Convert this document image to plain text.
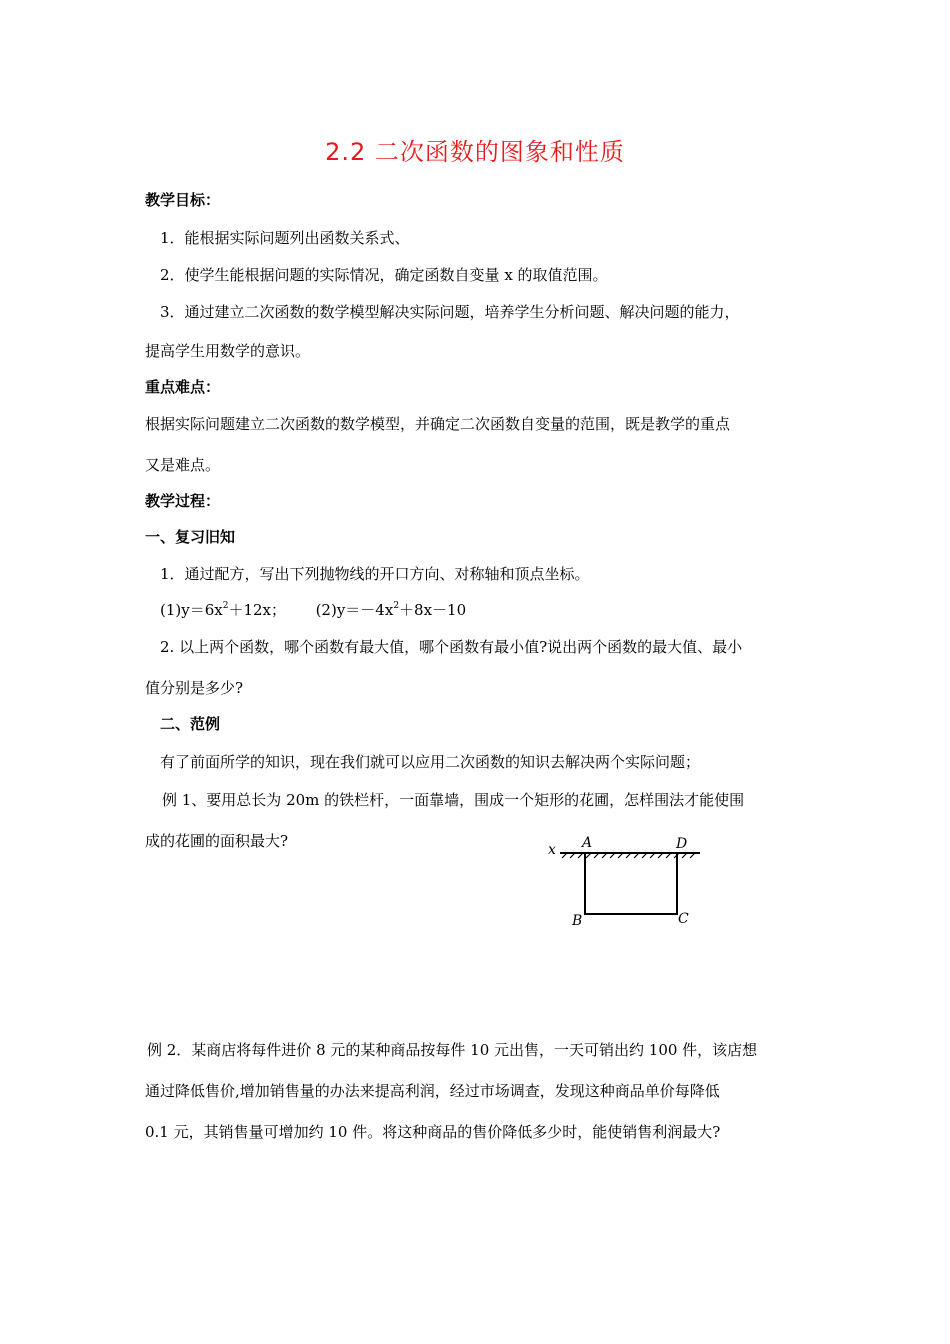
2.2 二次函数的图象和性质
教学目标：
1．能根据实际问题列出函数关系式、
2．使学生能根据问题的实际情况，确定函数自变量 x 的取值范围。
3．通过建立二次函数的数学模型解决实际问题，培养学生分析问题、解决问题的能力，
提高学生用数学的意识。
重点难点：
根据实际问题建立二次函数的数学模型，并确定二次函数自变量的范围，既是教学的重点
又是难点。
教学过程：
一、复习旧知
1．通过配方，写出下列抛物线的开口方向、对称轴和顶点坐标。
$(1)y=6x^2+12x$； $(2)y=-4x^2+8x-10$
2. 以上两个函数，哪个函数有最大值，哪个函数有最小值?说出两个函数的最大值、最小
值分别是多少?
二、范例
有了前面所学的知识，现在我们就可以应用二次函数的知识去解决两个实际问题；
例 1、要用总长为 20m 的铁栏杆，一面靠墙，围成一个矩形的花圃，怎样围法才能使围
成的花圃的面积最大?	x A	D
B	C
例 2．某商店将每件进价 8 元的某种商品按每件 10 元出售，一天可销出约 100 件，该店想
通过降低售价,增加销售量的办法来提高利润，经过市场调查，发现这种商品单价每降低
0.1 元，其销售量可增加约 10 件。将这种商品的售价降低多少时，能使销售利润最大?
